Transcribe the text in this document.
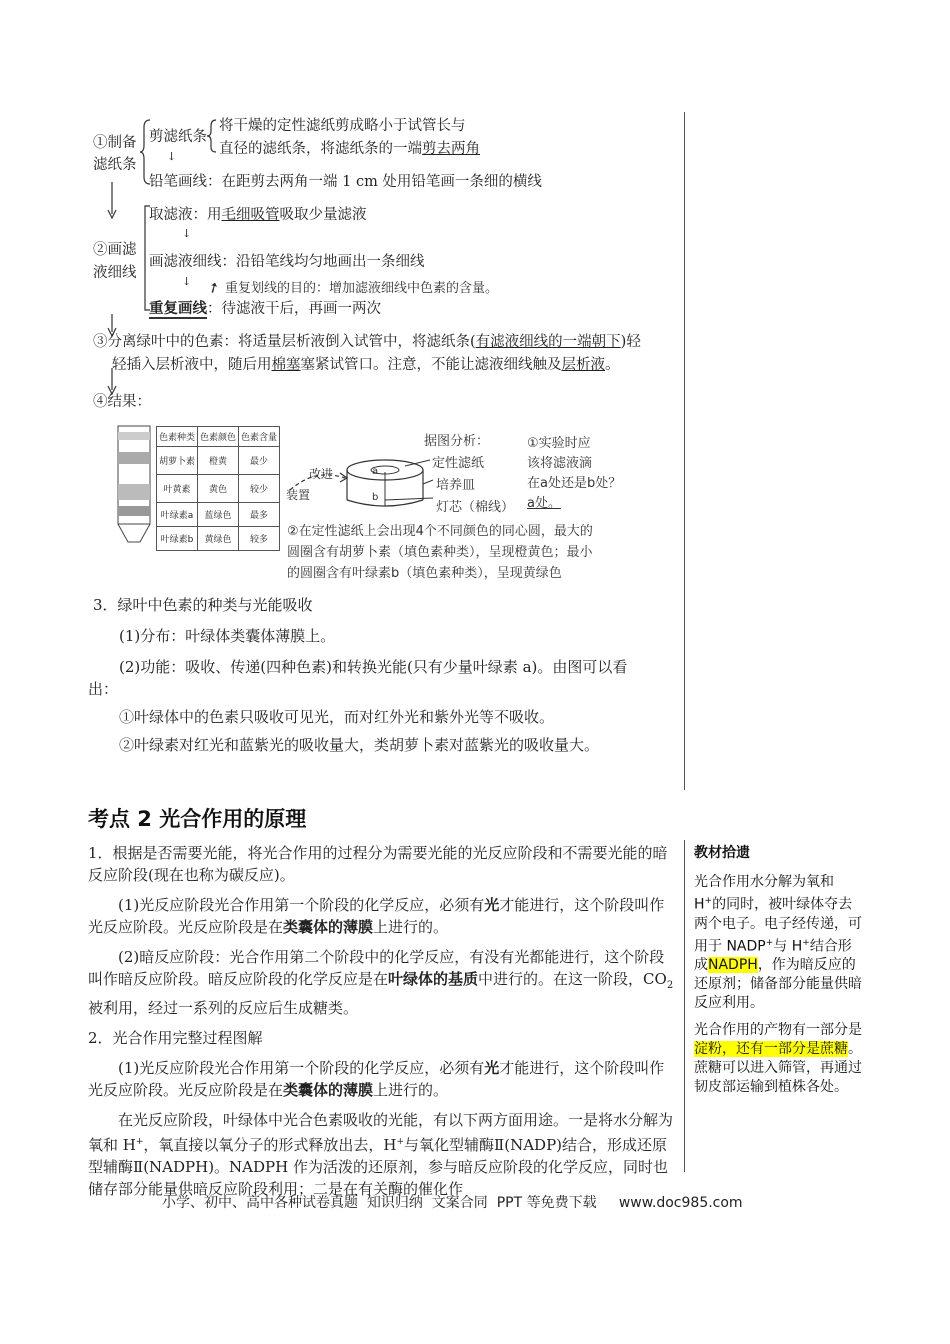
①制备
滤纸条
剪滤纸条
将干燥的定性滤纸剪成略小于试管长与
直径的滤纸条，将滤纸条的一端剪去两角
↓
铅笔画线：在距剪去两角一端 1 cm 处用铅笔画一条细的横线
取滤液：用毛细吸管吸取少量滤液
↓
②画滤
液细线
画滤液细线：沿铅笔线均匀地画出一条细线
↓ ➚ 重复划线的目的：增加滤液细线中色素的含量。
重复画线：待滤液干后，再画一两次
③分离绿叶中的色素：将适量层析液倒入试管中，将滤纸条(有滤液细线的一端朝下)轻
轻插入层析液中，随后用棉塞塞紧试管口。注意，不能让滤液细线触及层析液。
④结果：
色素种类	色素颜色	色素含量
胡萝卜素	橙黄	最少
叶黄素	黄色	较少
叶绿素a	蓝绿色	最多
叶绿素b	黄绿色	较多
据图分析：
改进
装置
a
b
定性滤纸
培养皿
灯芯（棉线）
①实验时应
该将滤液滴
在a处还是b处？
a处。
②在定性滤纸上会出现4个不同颜色的同心圆，最大的
圆圈含有胡萝卜素（填色素种类），呈现橙黄色；最小
的圆圈含有叶绿素b（填色素种类），呈现黄绿色
3．绿叶中色素的种类与光能吸收
(1)分布：叶绿体类囊体薄膜上。
(2)功能：吸收、传递(四种色素)和转换光能(只有少量叶绿素 a)。由图可以看
出：
①叶绿体中的色素只吸收可见光，而对红外光和紫外光等不吸收。
②叶绿素对红光和蓝紫光的吸收量大，类胡萝卜素对蓝紫光的吸收量大。
考点 2 光合作用的原理

1．根据是否需要光能，将光合作用的过程分为需要光能的光反应阶段和不需要光能的暗反应阶段(现在也称为碳反应)。

(1)光反应阶段光合作用第一个阶段的化学反应，必须有光才能进行，这个阶段叫作光反应阶段。光反应阶段是在类囊体的薄膜上进行的。

(2)暗反应阶段：光合作用第二个阶段中的化学反应，有没有光都能进行，这个阶段叫作暗反应阶段。暗反应阶段的化学反应是在叶绿体的基质中进行的。在这一阶段，$CO_2$被利用，经过一系列的反应后生成糖类。

2．光合作用完整过程图解

(1)光反应阶段光合作用第一个阶段的化学反应，必须有光才能进行，这个阶段叫作光反应阶段。光反应阶段是在类囊体的薄膜上进行的。

在光反应阶段，叶绿体中光合色素吸收的光能，有以下两方面用途。一是将水分解为氧和 H+，氧直接以氧分子的形式释放出去，H+与氧化型辅酶Ⅱ(NADP)结合，形成还原型辅酶Ⅱ(NADPH)。NADPH 作为活泼的还原剂，参与暗反应阶段的化学反应，同时也储存部分能量供暗反应阶段利用；二是在有关酶的催化作

教材拾遗
光合作用水分解为氧和H+的同时，被叶绿体夺去两个电子。电子经传递，可用于 NADP+与 H+结合形成NADPH，作为暗反应的还原剂；储备部分能量供暗反应利用。
光合作用的产物有一部分是淀粉，还有一部分是蔗糖。蔗糖可以进入筛管，再通过韧皮部运输到植株各处。
小学、初中、高中各种试卷真题  知识归纳  文案合同  PPT 等免费下载     www.doc985.com
